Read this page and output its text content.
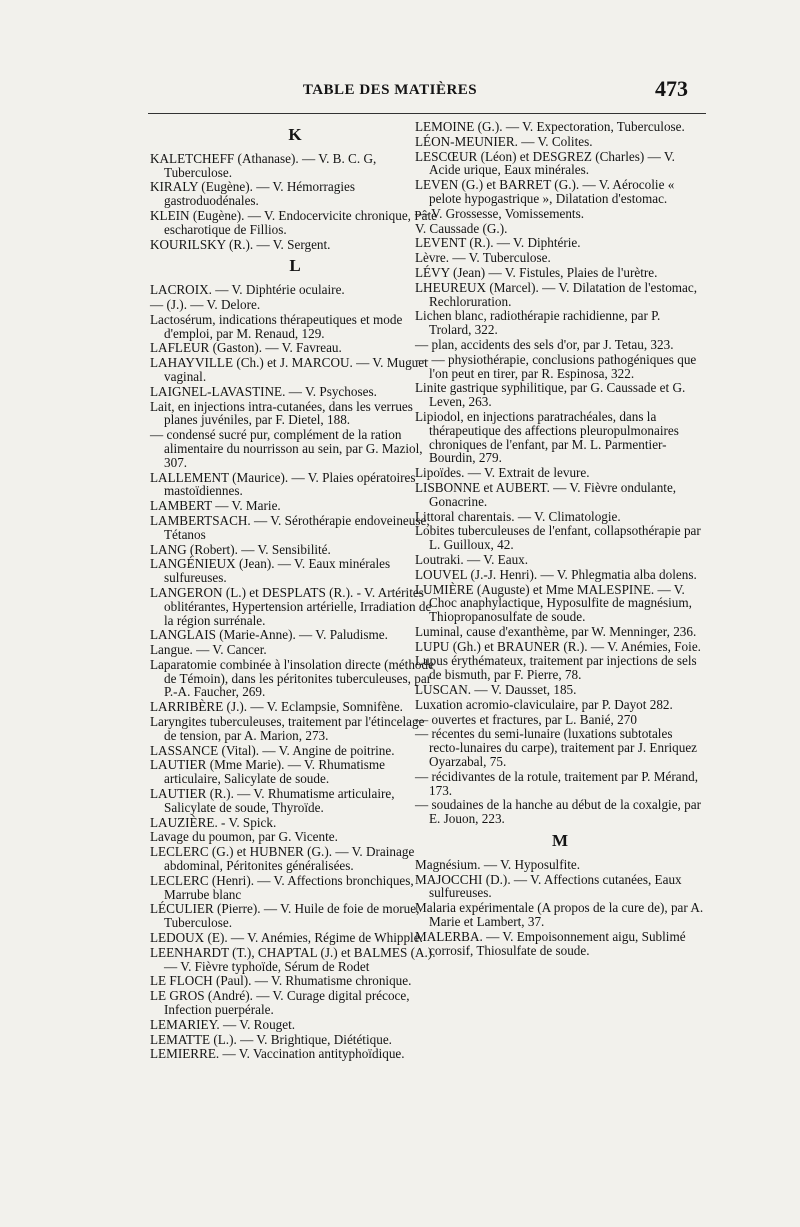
TABLE DES MATIÈRES	473
K
KALETCHEFF (Athanase). — V. B. C. G, Tuberculose.
KIRALY (Eugène). — V. Hémorragies gastroduodénales.
KLEIN (Eugène). — V. Endocervicite chronique, Pâte escharotique de Fillios.
KOURILSKY (R.). — V. Sergent.
L
LACROIX. — V. Diphtérie oculaire.
— (J.). — V. Delore.
Lactosérum, indications thérapeutiques et mode d'emploi, par M. Renaud, 129.
LAFLEUR (Gaston). — V. Favreau.
LAHAYVILLE (Ch.) et J. MARCOU. — V. Muguet vaginal.
LAIGNEL-LAVASTINE. — V. Psychoses.
Lait, en injections intra-cutanées, dans les verrues planes juvéniles, par F. Dietel, 188.
— condensé sucré pur, complément de la ration alimentaire du nourrisson au sein, par G. Maziol, 307.
LALLEMENT (Maurice). — V. Plaies opératoires mastoïdiennes.
LAMBERT — V. Marie.
LAMBERTSACH. — V. Sérothérapie endoveineuse, Tétanos
LANG (Robert). — V. Sensibilité.
LANGÉNIEUX (Jean). — V. Eaux minérales sulfureuses.
LANGERON (L.) et DESPLATS (R.). - V. Artérites oblitérantes, Hypertension artérielle, Irradiation de la région surrénale.
LANGLAIS (Marie-Anne). — V. Paludisme.
Langue. — V. Cancer.
Laparatomie combinée à l'insolation directe (méthode de Témoin), dans les péritonites tuberculeuses, par P.-A. Faucher, 269.
LARRIBÈRE (J.). — V. Eclampsie, Somnifène.
Laryngites tuberculeuses, traitement par l'étincelage de tension, par A. Marion, 273.
LASSANCE (Vital). — V. Angine de poitrine.
LAUTIER (Mme Marie). — V. Rhumatisme articulaire, Salicylate de soude.
LAUTIER (R.). — V. Rhumatisme articulaire, Salicylate de soude, Thyroïde.
LAUZIÈRE. - V. Spick.
Lavage du poumon, par G. Vicente.
LECLERC (G.) et HUBNER (G.). — V. Drainage abdominal, Péritonites généralisées.
LECLERC (Henri). — V. Affections bronchiques, Marrube blanc
LÉCULIER (Pierre). — V. Huile de foie de morue, Tuberculose.
LEDOUX (E). — V. Anémies, Régime de Whipple.
LEENHARDT (T.), CHAPTAL (J.) et BALMES (A.). — V. Fièvre typhoïde, Sérum de Rodet
LE FLOCH (Paul). — V. Rhumatisme chronique.
LE GROS (André). — V. Curage digital précoce, Infection puerpérale.
LEMARIEY. — V. Rouget.
LEMATTE (L.). — V. Brightique, Diététique.
LEMIERRE. — V. Vaccination antityphoïdique.
LEMOINE (G.). — V. Expectoration, Tuberculose.
LÉON-MEUNIER. — V. Colites.
LESCŒUR (Léon) et DESGREZ (Charles) — V. Acide urique, Eaux minérales.
LEVEN (G.) et BARRET (G.). — V. Aérocolie « pelote hypogastrique », Dilatation d'estomac.
— V. Grossesse, Vomissements.
V. Caussade (G.).
LEVENT (R.). — V. Diphtérie.
Lèvre. — V. Tuberculose.
LÉVY (Jean) — V. Fistules, Plaies de l'urètre.
LHEUREUX (Marcel). — V. Dilatation de l'estomac, Rechloruration.
Lichen blanc, radiothérapie rachidienne, par P. Trolard, 322.
— plan, accidents des sels d'or, par J. Tetau, 323.
— — physiothérapie, conclusions pathogéniques que l'on peut en tirer, par R. Espinosa, 322.
Linite gastrique syphilitique, par G. Caussade et G. Leven, 263.
Lipiodol, en injections paratrachéales, dans la thérapeutique des affections pleuropulmonaires chroniques de l'enfant, par M. L. Parmentier-Bourdin, 279.
Lipoïdes. — V. Extrait de levure.
LISBONNE et AUBERT. — V. Fièvre ondulante, Gonacrine.
Littoral charentais. — V. Climatologie.
Lobites tuberculeuses de l'enfant, collapsothérapie par L. Guilloux, 42.
Loutraki. — V. Eaux.
LOUVEL (J.-J. Henri). — V. Phlegmatia alba dolens.
LUMIÈRE (Auguste) et Mme MALESPINE. — V. Choc anaphylactique, Hyposulfite de magnésium, Thiopropanosulfate de soude.
Luminal, cause d'exanthème, par W. Menninger, 236.
LUPU (Gh.) et BRAUNER (R.). — V. Anémies, Foie.
Lupus érythémateux, traitement par injections de sels de bismuth, par F. Pierre, 78.
LUSCAN. — V. Dausset, 185.
Luxation acromio-claviculaire, par P. Dayot 282.
— ouvertes et fractures, par L. Banié, 270
— récentes du semi-lunaire (luxations subtotales recto-lunaires du carpe), traitement par J. Enriquez Oyarzabal, 75.
— récidivantes de la rotule, traitement par P. Mérand, 173.
— soudaines de la hanche au début de la coxalgie, par E. Jouon, 223.
M
Magnésium. — V. Hyposulfite.
MAJOCCHI (D.). — V. Affections cutanées, Eaux sulfureuses.
Malaria expérimentale (A propos de la cure de), par A. Marie et Lambert, 37.
MALERBA. — V. Empoisonnement aigu, Sublimé corrosif, Thiosulfate de soude.
